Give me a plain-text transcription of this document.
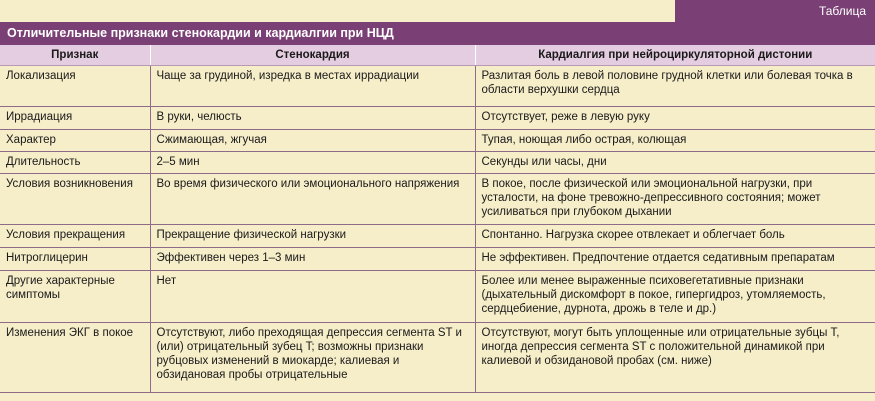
Таблица
Отличительные признаки стенокардии и кардиалгии при НЦД
Признак	Стенокардия	Кардиалгия при нейроциркуляторной дистонии
Локализация	Чаще за грудиной, изредка в местах иррадиации	Разлитая боль в левой половине грудной клетки или болевая точка в области верхушки сердца
Иррадиация	В руки, челюсть	Отсутствует, реже в левую руку
Характер	Сжимающая, жгучая	Тупая, ноющая либо острая, колющая
Длительность	2–5 мин	Секунды или часы, дни
Условия возникновения	Во время физического или эмоционального напряжения	В покое, после физической или эмоциональной нагрузки, при усталости, на фоне тревожно-депрессивного состояния; может усиливаться при глубоком дыхании
Условия прекращения	Прекращение физической нагрузки	Спонтанно. Нагрузка скорее отвлекает и облегчает боль
Нитроглицерин	Эффективен через 1–3 мин	Не эффективен. Предпочтение отдается седативным препаратам
Другие характерные симптомы	Нет	Более или менее выраженные психовегетативные признаки (дыхательный дискомфорт в покое, гипергидроз, утомляемость, сердцебиение, дурнота, дрожь в теле и др.)
Изменения ЭКГ в покое	Отсутствуют, либо преходящая депрессия сегмента ST и (или) отрицательный зубец T; возможны признаки рубцовых изменений в миокарде; калиевая и обзидановая пробы отрицательные	Отсутствуют, могут быть уплощенные или отрицательные зубцы T, иногда депрессия сегмента ST с положительной динамикой при калиевой и обзидановой пробах (см. ниже)
